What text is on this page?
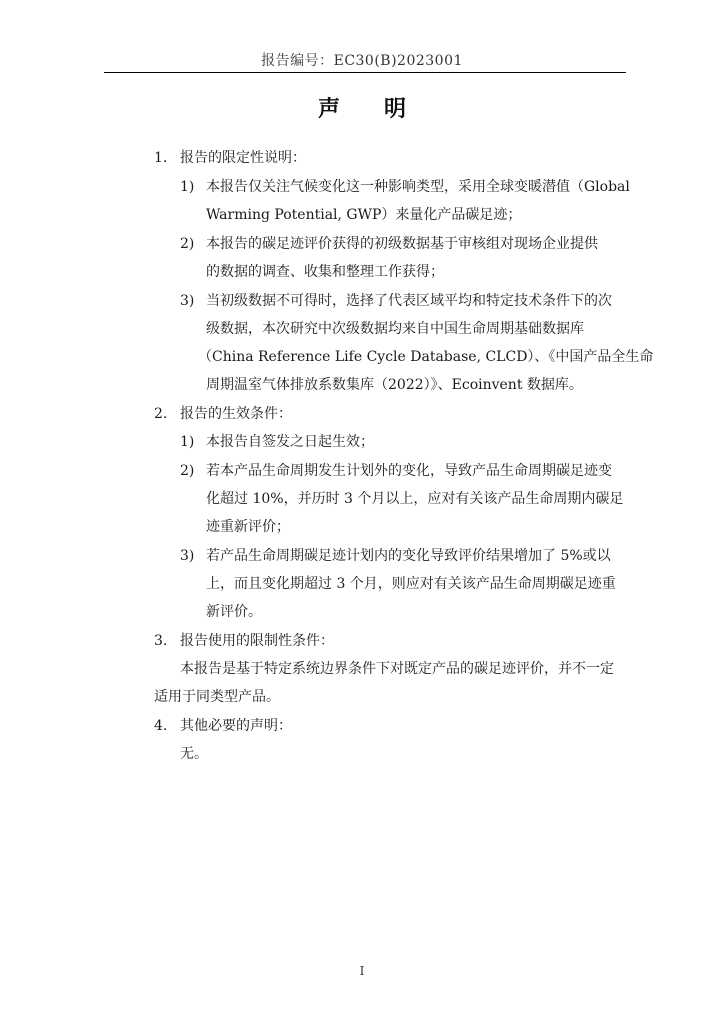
报告编号：EC30(B)2023001
声 明
1. 报告的限定性说明：
1) 本报告仅关注气候变化这一种影响类型，采用全球变暖潜值（Global
Warming Potential, GWP）来量化产品碳足迹；
2) 本报告的碳足迹评价获得的初级数据基于审核组对现场企业提供
的数据的调查、收集和整理工作获得；
3) 当初级数据不可得时，选择了代表区域平均和特定技术条件下的次
级数据，本次研究中次级数据均来自中国生命周期基础数据库
（China Reference Life Cycle Database, CLCD）、《中国产品全生命
周期温室气体排放系数集库（2022）》、Ecoinvent 数据库。
2. 报告的生效条件：
1) 本报告自签发之日起生效；
2) 若本产品生命周期发生计划外的变化，导致产品生命周期碳足迹变
化超过 10%，并历时 3 个月以上，应对有关该产品生命周期内碳足
迹重新评价；
3) 若产品生命周期碳足迹计划内的变化导致评价结果增加了 5%或以
上，而且变化期超过 3 个月，则应对有关该产品生命周期碳足迹重
新评价。
3. 报告使用的限制性条件：
本报告是基于特定系统边界条件下对既定产品的碳足迹评价，并不一定
适用于同类型产品。
4. 其他必要的声明：
无。
I
